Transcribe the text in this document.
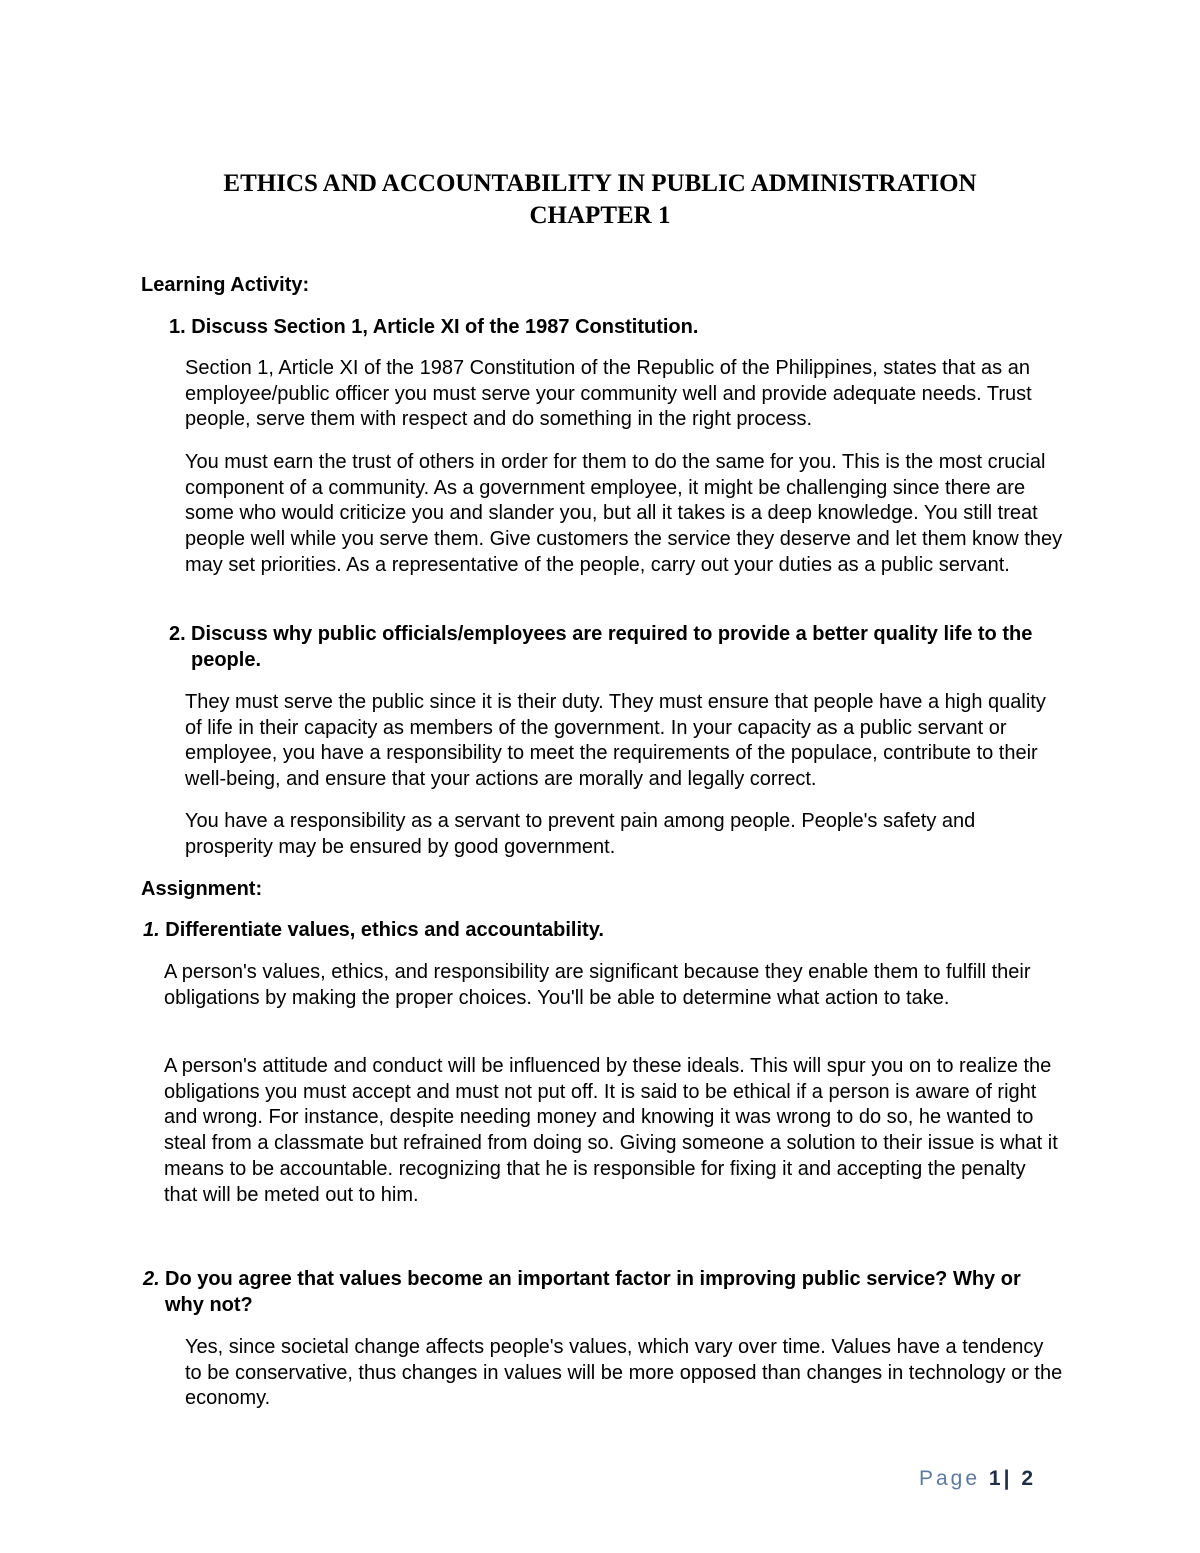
ETHICS AND ACCOUNTABILITY IN PUBLIC ADMINISTRATION
CHAPTER 1

Learning Activity:

1. Discuss Section 1, Article XI of the 1987 Constitution.

Section 1, Article XI of the 1987 Constitution of the Republic of the Philippines, states that as an employee/public officer you must serve your community well and provide adequate needs. Trust people, serve them with respect and do something in the right process.

You must earn the trust of others in order for them to do the same for you. This is the most crucial component of a community. As a government employee, it might be challenging since there are some who would criticize you and slander you, but all it takes is a deep knowledge. You still treat people well while you serve them. Give customers the service they deserve and let them know they may set priorities. As a representative of the people, carry out your duties as a public servant.

2. Discuss why public officials/employees are required to provide a better quality life to the people.

They must serve the public since it is their duty. They must ensure that people have a high quality of life in their capacity as members of the government. In your capacity as a public servant or employee, you have a responsibility to meet the requirements of the populace, contribute to their well-being, and ensure that your actions are morally and legally correct.

You have a responsibility as a servant to prevent pain among people. People's safety and prosperity may be ensured by good government.

Assignment:

1. Differentiate values, ethics and accountability.

A person's values, ethics, and responsibility are significant because they enable them to fulfill their obligations by making the proper choices. You'll be able to determine what action to take.

A person's attitude and conduct will be influenced by these ideals. This will spur you on to realize the obligations you must accept and must not put off. It is said to be ethical if a person is aware of right and wrong. For instance, despite needing money and knowing it was wrong to do so, he wanted to steal from a classmate but refrained from doing so. Giving someone a solution to their issue is what it means to be accountable. recognizing that he is responsible for fixing it and accepting the penalty that will be meted out to him.

2. Do you agree that values become an important factor in improving public service? Why or why not?

Yes, since societal change affects people's values, which vary over time. Values have a tendency to be conservative, thus changes in values will be more opposed than changes in technology or the economy.

Page 1| 2
